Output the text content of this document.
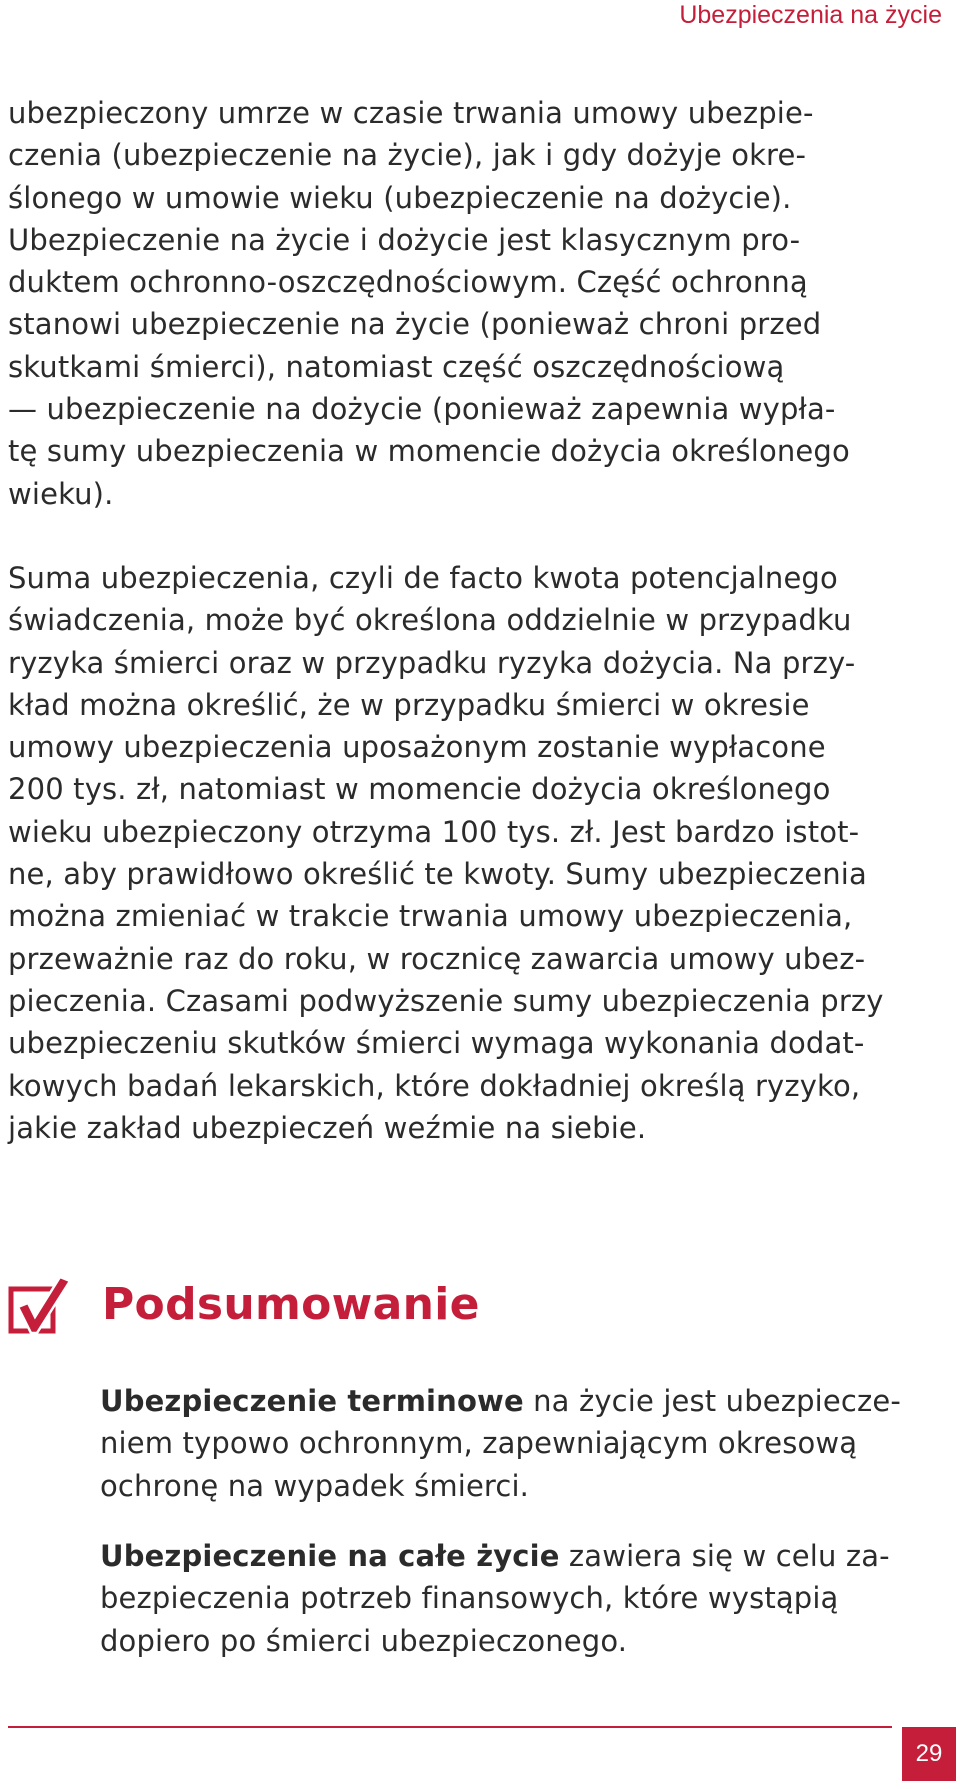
Ubezpieczenia na życie

ubezpieczony umrze w czasie trwania umowy ubezpie-
czenia (ubezpieczenie na życie), jak i gdy dożyje okre-
ślonego w umowie wieku (ubezpieczenie na dożycie).
Ubezpieczenie na życie i dożycie jest klasycznym pro-
duktem ochronno-oszczędnościowym. Część ochronną
stanowi ubezpieczenie na życie (ponieważ chroni przed
skutkami śmierci), natomiast część oszczędnościową
— ubezpieczenie na dożycie (ponieważ zapewnia wypła-
tę sumy ubezpieczenia w momencie dożycia określonego
wieku).

Suma ubezpieczenia, czyli de facto kwota potencjalnego
świadczenia, może być określona oddzielnie w przypadku
ryzyka śmierci oraz w przypadku ryzyka dożycia. Na przy-
kład można określić, że w przypadku śmierci w okresie
umowy ubezpieczenia uposażonym zostanie wypłacone
200 tys. zł, natomiast w momencie dożycia określonego
wieku ubezpieczony otrzyma 100 tys. zł. Jest bardzo istot-
ne, aby prawidłowo określić te kwoty. Sumy ubezpieczenia
można zmieniać w trakcie trwania umowy ubezpieczenia,
przeważnie raz do roku, w rocznicę zawarcia umowy ubez-
pieczenia. Czasami podwyższenie sumy ubezpieczenia przy
ubezpieczeniu skutków śmierci wymaga wykonania dodat-
kowych badań lekarskich, które dokładniej określą ryzyko,
jakie zakład ubezpieczeń weźmie na siebie.

Podsumowanie

Ubezpieczenie terminowe na życie jest ubezpiecze-
niem typowo ochronnym, zapewniającym okresową
ochronę na wypadek śmierci.

Ubezpieczenie na całe życie zawiera się w celu za-
bezpieczenia potrzeb finansowych, które wystąpią
dopiero po śmierci ubezpieczonego.

29
